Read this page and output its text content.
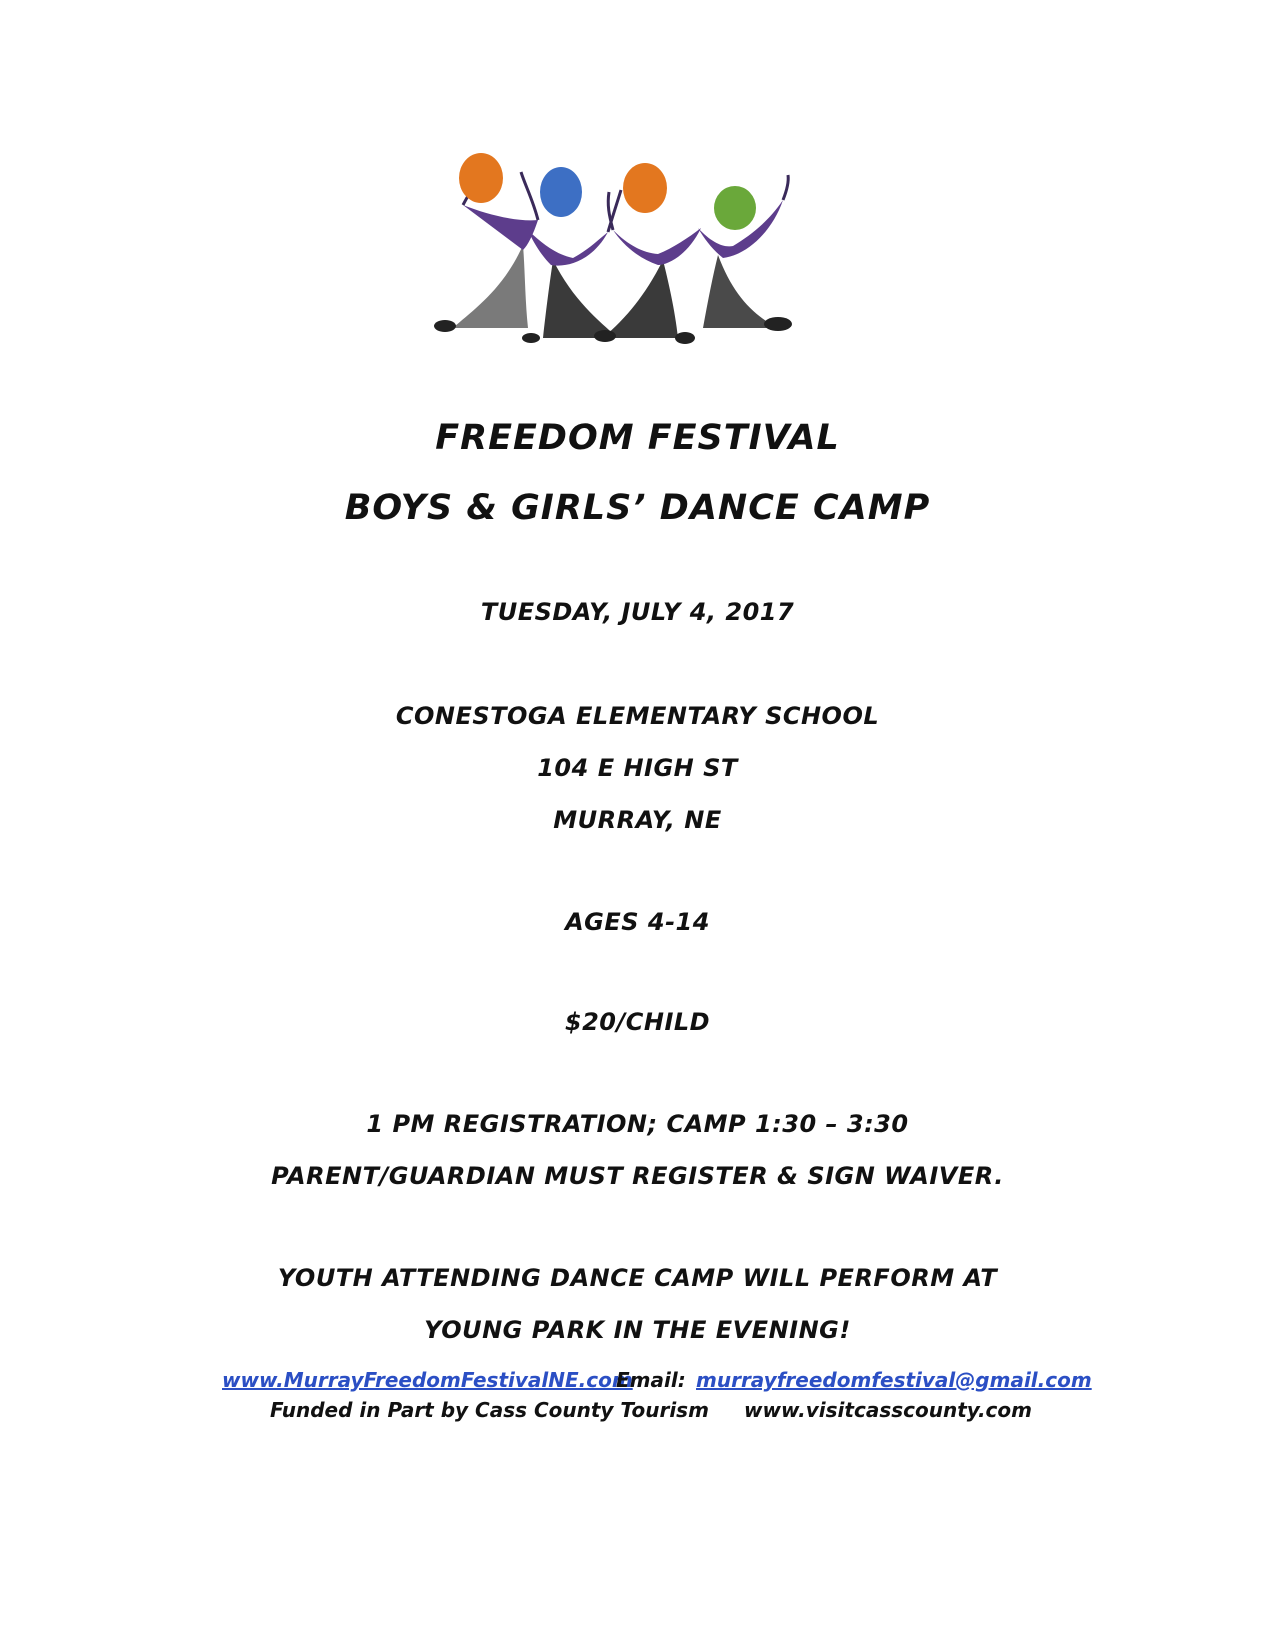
FREEDOM FESTIVAL
BOYS & GIRLS’ DANCE CAMP
TUESDAY, JULY 4, 2017
CONESTOGA ELEMENTARY SCHOOL
104 E HIGH ST
MURRAY, NE
AGES 4-14
$20/CHILD
1 PM REGISTRATION; CAMP 1:30 – 3:30
PARENT/GUARDIAN MUST REGISTER & SIGN WAIVER.
YOUTH ATTENDING DANCE CAMP WILL PERFORM AT
YOUNG PARK IN THE EVENING!
www.MurrayFreedomFestivalNE.com
Email: murrayfreedomfestival@gmail.com
Funded in Part by Cass County Tourism www.visitcasscounty.com
